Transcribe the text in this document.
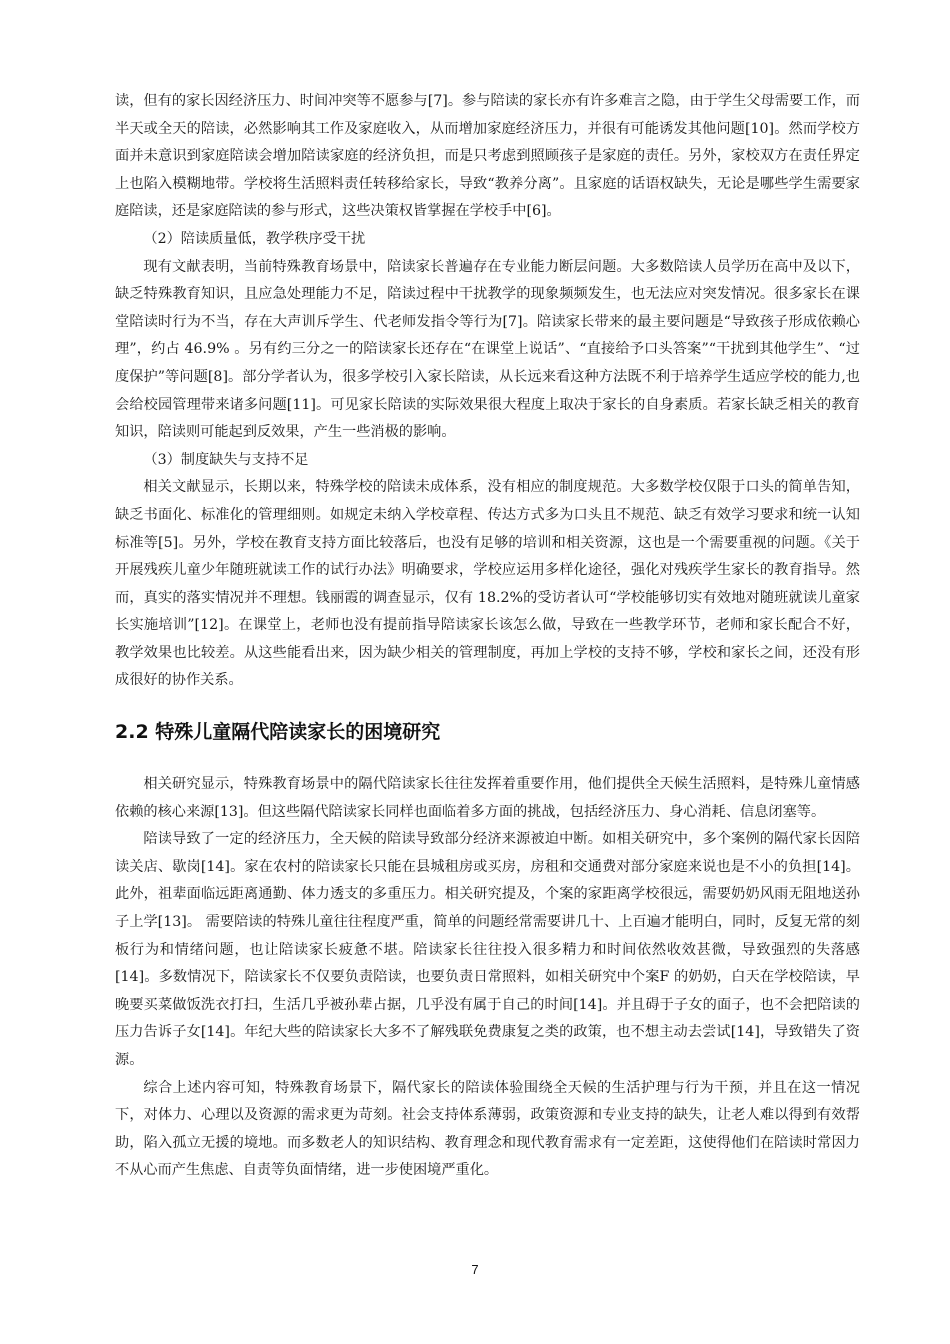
读，但有的家长因经济压力、时间冲突等不愿参与[7]。参与陪读的家长亦有许多难言之隐，由于学生父母需要工作，而半天或全天的陪读，必然影响其工作及家庭收入，从而增加家庭经济压力，并很有可能诱发其他问题[10]。然而学校方面并未意识到家庭陪读会增加陪读家庭的经济负担，而是只考虑到照顾孩子是家庭的责任。另外，家校双方在责任界定上也陷入模糊地带。学校将生活照料责任转移给家长，导致“教养分离”。且家庭的话语权缺失，无论是哪些学生需要家庭陪读，还是家庭陪读的参与形式，这些决策权皆掌握在学校手中[6]。

（2）陪读质量低，教学秩序受干扰

现有文献表明，当前特殊教育场景中，陪读家长普遍存在专业能力断层问题。大多数陪读人员学历在高中及以下，缺乏特殊教育知识，且应急处理能力不足，陪读过程中干扰教学的现象频频发生，也无法应对突发情况。很多家长在课堂陪读时行为不当，存在大声训斥学生、代老师发指令等行为[7]。陪读家长带来的最主要问题是“导致孩子形成依赖心理”，约占 46.9% 。另有约三分之一的陪读家长还存在“在课堂上说话”、“直接给予口头答案”“干扰到其他学生”、“过度保护”等问题[8]。部分学者认为，很多学校引入家长陪读，从长远来看这种方法既不利于培养学生适应学校的能力,也会给校园管理带来诸多问题[11]。可见家长陪读的实际效果很大程度上取决于家长的自身素质。若家长缺乏相关的教育知识，陪读则可能起到反效果，产生一些消极的影响。

（3）制度缺失与支持不足

相关文献显示，长期以来，特殊学校的陪读未成体系，没有相应的制度规范。大多数学校仅限于口头的简单告知，缺乏书面化、标准化的管理细则。如规定未纳入学校章程、传达方式多为口头且不规范、缺乏有效学习要求和统一认知标准等[5]。另外，学校在教育支持方面比较落后，也没有足够的培训和相关资源，这也是一个需要重视的问题。《关于开展残疾儿童少年随班就读工作的试行办法》明确要求，学校应运用多样化途径，强化对残疾学生家长的教育指导。然而，真实的落实情况并不理想。钱丽霞的调查显示，仅有 18.2%的受访者认可“学校能够切实有效地对随班就读儿童家长实施培训”[12]。在课堂上，老师也没有提前指导陪读家长该怎么做，导致在一些教学环节，老师和家长配合不好，教学效果也比较差。从这些能看出来，因为缺少相关的管理制度，再加上学校的支持不够，学校和家长之间，还没有形成很好的协作关系。

2.2 特殊儿童隔代陪读家长的困境研究

相关研究显示，特殊教育场景中的隔代陪读家长往往发挥着重要作用，他们提供全天候生活照料，是特殊儿童情感依赖的核心来源[13]。但这些隔代陪读家长同样也面临着多方面的挑战，包括经济压力、身心消耗、信息闭塞等。

陪读导致了一定的经济压力，全天候的陪读导致部分经济来源被迫中断。如相关研究中，多个案例的隔代家长因陪读关店、歇岗[14]。家在农村的陪读家长只能在县城租房或买房，房租和交通费对部分家庭来说也是不小的负担[14]。此外，祖辈面临远距离通勤、体力透支的多重压力。相关研究提及，个案的家距离学校很远，需要奶奶风雨无阻地送孙子上学[13]。 需要陪读的特殊儿童往往程度严重，简单的问题经常需要讲几十、上百遍才能明白，同时，反复无常的刻板行为和情绪问题，也让陪读家长疲惫不堪。陪读家长往往投入很多精力和时间依然收效甚微，导致强烈的失落感[14]。多数情况下，陪读家长不仅要负责陪读，也要负责日常照料，如相关研究中个案F 的奶奶，白天在学校陪读，早晚要买菜做饭洗衣打扫，生活几乎被孙辈占据，几乎没有属于自己的时间[14]。并且碍于子女的面子，也不会把陪读的压力告诉子女[14]。年纪大些的陪读家长大多不了解残联免费康复之类的政策，也不想主动去尝试[14]，导致错失了资源。

综合上述内容可知，特殊教育场景下，隔代家长的陪读体验围绕全天候的生活护理与行为干预，并且在这一情况下，对体力、心理以及资源的需求更为苛刻。社会支持体系薄弱，政策资源和专业支持的缺失，让老人难以得到有效帮助，陷入孤立无援的境地。而多数老人的知识结构、教育理念和现代教育需求有一定差距，这使得他们在陪读时常因力不从心而产生焦虑、自责等负面情绪，进一步使困境严重化。

7
